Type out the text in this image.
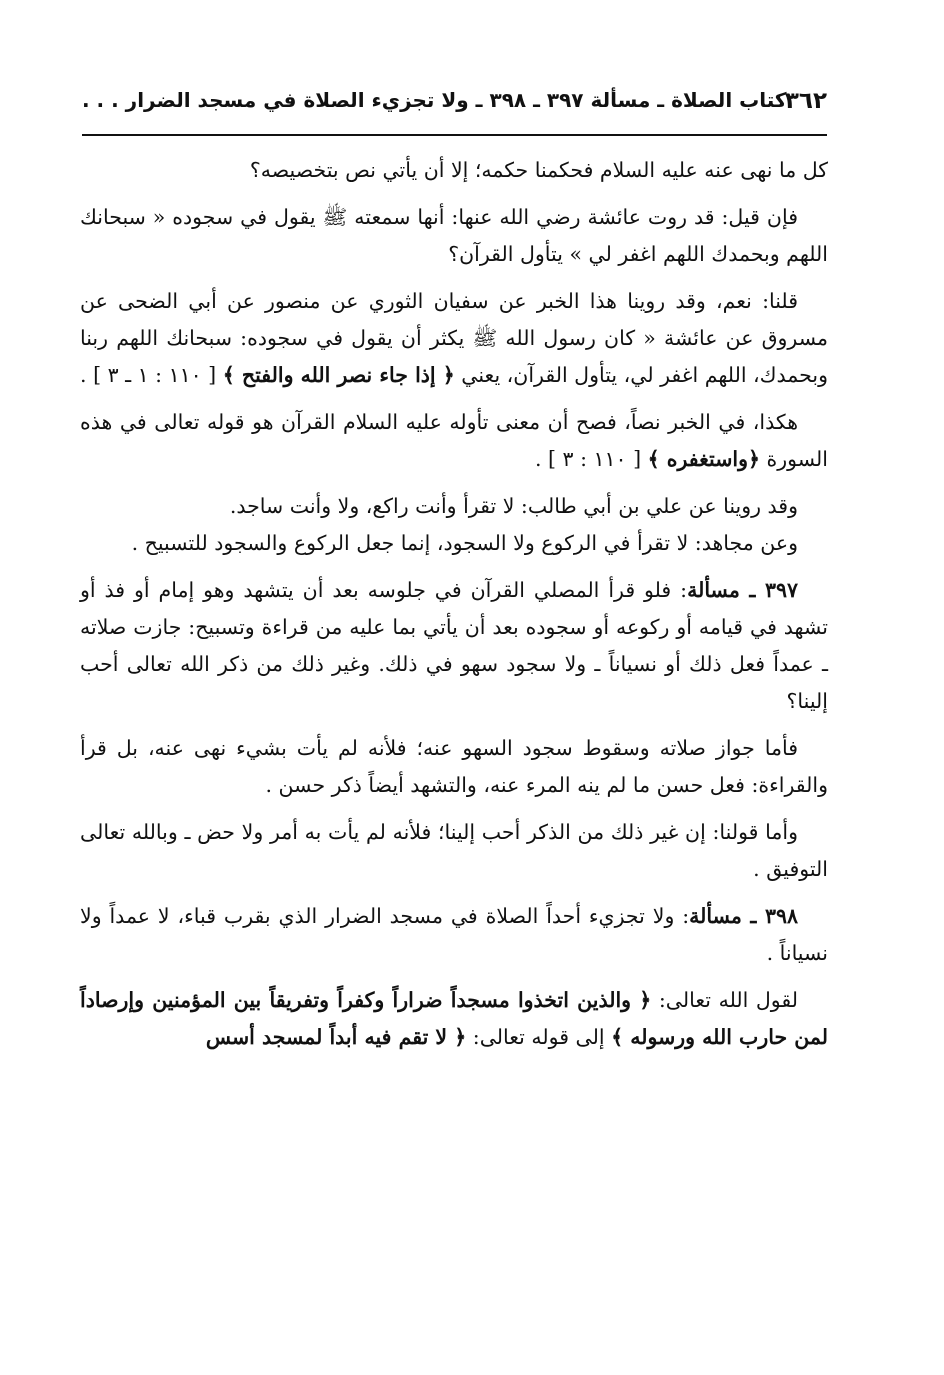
٣٦٢
كتاب الصلاة ـ مسألة ٣٩٧ ـ ٣٩٨ ـ ولا تجزيء الصلاة في مسجد الضرار . . .

كل ما نهى عنه عليه السلام فحكمنا حكمه؛ إلا أن يأتي نص بتخصيصه؟

فإن قيل: قد روت عائشة رضي الله عنها: أنها سمعته ﷺ يقول في سجوده « سبحانك اللهم وبحمدك اللهم اغفر لي » يتأول القرآن؟

قلنا: نعم، وقد روينا هذا الخبر عن سفيان الثوري عن منصور عن أبي الضحى عن مسروق عن عائشة « كان رسول الله ﷺ يكثر أن يقول في سجوده: سبحانك اللهم ربنا وبحمدك، اللهم اغفر لي، يتأول القرآن، يعني ﴿ إذا جاء نصر الله والفتح ﴾ [ ١١٠ : ١ ـ ٣ ] .

هكذا، في الخبر نصاً، فصح أن معنى تأوله عليه السلام القرآن هو قوله تعالى في هذه السورة ﴿واستغفره ﴾ [ ١١٠ : ٣ ] .

وقد روينا عن علي بن أبي طالب: لا تقرأ وأنت راكع، ولا وأنت ساجد.

وعن مجاهد: لا تقرأ في الركوع ولا السجود، إنما جعل الركوع والسجود للتسبيح .

٣٩٧ ـ مسألة: فلو قرأ المصلي القرآن في جلوسه بعد أن يتشهد وهو إمام أو فذ أو تشهد في قيامه أو ركوعه أو سجوده بعد أن يأتي بما عليه من قراءة وتسبيح: جازت صلاته ـ عمداً فعل ذلك أو نسياناً ـ ولا سجود سهو في ذلك. وغير ذلك من ذكر الله تعالى أحب إلينا؟

فأما جواز صلاته وسقوط سجود السهو عنه؛ فلأنه لم يأت بشيء نهى عنه، بل قرأ والقراءة: فعل حسن ما لم ينه المرء عنه، والتشهد أيضاً ذكر حسن .

وأما قولنا: إن غير ذلك من الذكر أحب إلينا؛ فلأنه لم يأت به أمر ولا حض ـ وبالله تعالى التوفيق .

٣٩٨ ـ مسألة: ولا تجزيء أحداً الصلاة في مسجد الضرار الذي بقرب قباء، لا عمداً ولا نسياناً .

لقول الله تعالى: ﴿ والذين اتخذوا مسجداً ضراراً وكفراً وتفريقاً بين المؤمنين وإرصاداً لمن حارب الله ورسوله ﴾ إلى قوله تعالى: ﴿ لا تقم فيه أبداً لمسجد أسس
